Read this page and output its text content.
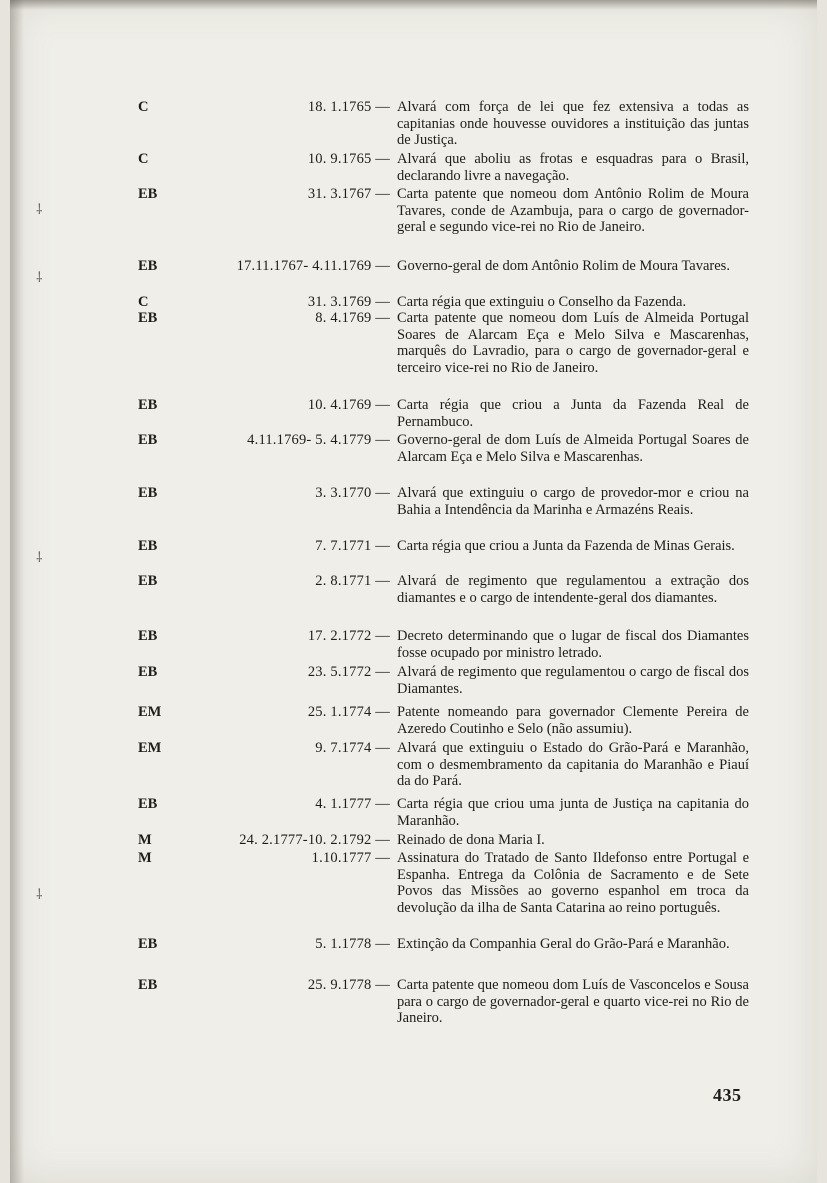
⸸
⸸
⸸
⸸
C	18. 1.1765 — Alvará com força de lei que fez extensiva a todas as capitanias onde houvesse ouvidores a instituição das juntas de Justiça.
C	10. 9.1765 — Alvará que aboliu as frotas e esquadras para o Brasil, declarando livre a navegação.
EB	31. 3.1767 — Carta patente que nomeou dom Antônio Rolim de Moura Tavares, conde de Azambuja, para o cargo de governador-geral e segundo vice-rei no Rio de Janeiro.
EB	17.11.1767- 4.11.1769 — Governo-geral de dom Antônio Rolim de Moura Tavares.
C	31. 3.1769 — Carta régia que extinguiu o Conselho da Fazenda.
EB	8. 4.1769 — Carta patente que nomeou dom Luís de Almeida Portugal Soares de Alarcam Eça e Melo Silva e Mascarenhas, marquês do Lavradio, para o cargo de governador-geral e terceiro vice-rei no Rio de Janeiro.
EB	10. 4.1769 — Carta régia que criou a Junta da Fazenda Real de Pernambuco.
EB	4.11.1769- 5. 4.1779 — Governo-geral de dom Luís de Almeida Portugal Soares de Alarcam Eça e Melo Silva e Mascarenhas.
EB	3. 3.1770 — Alvará que extinguiu o cargo de provedor-mor e criou na Bahia a Intendência da Marinha e Armazéns Reais.
EB	7. 7.1771 — Carta régia que criou a Junta da Fazenda de Minas Gerais.
EB	2. 8.1771 — Alvará de regimento que regulamentou a extração dos diamantes e o cargo de intendente-geral dos diamantes.
EB	17. 2.1772 — Decreto determinando que o lugar de fiscal dos Diamantes fosse ocupado por ministro letrado.
EB	23. 5.1772 — Alvará de regimento que regulamentou o cargo de fiscal dos Diamantes.
EM	25. 1.1774 — Patente nomeando para governador Clemente Pereira de Azeredo Coutinho e Selo (não assumiu).
EM	9. 7.1774 — Alvará que extinguiu o Estado do Grão-Pará e Maranhão, com o desmembramento da capitania do Maranhão e Piauí da do Pará.
EB	4. 1.1777 — Carta régia que criou uma junta de Justiça na capitania do Maranhão.
M	24. 2.1777-10. 2.1792 — Reinado de dona Maria I.
M	1.10.1777 — Assinatura do Tratado de Santo Ildefonso entre Portugal e Espanha. Entrega da Colônia de Sacramento e de Sete Povos das Missões ao governo espanhol em troca da devolução da ilha de Santa Catarina ao reino português.
EB	5. 1.1778 — Extinção da Companhia Geral do Grão-Pará e Maranhão.
EB	25. 9.1778 — Carta patente que nomeou dom Luís de Vasconcelos e Sousa para o cargo de governador-geral e quarto vice-rei no Rio de Janeiro.
435
